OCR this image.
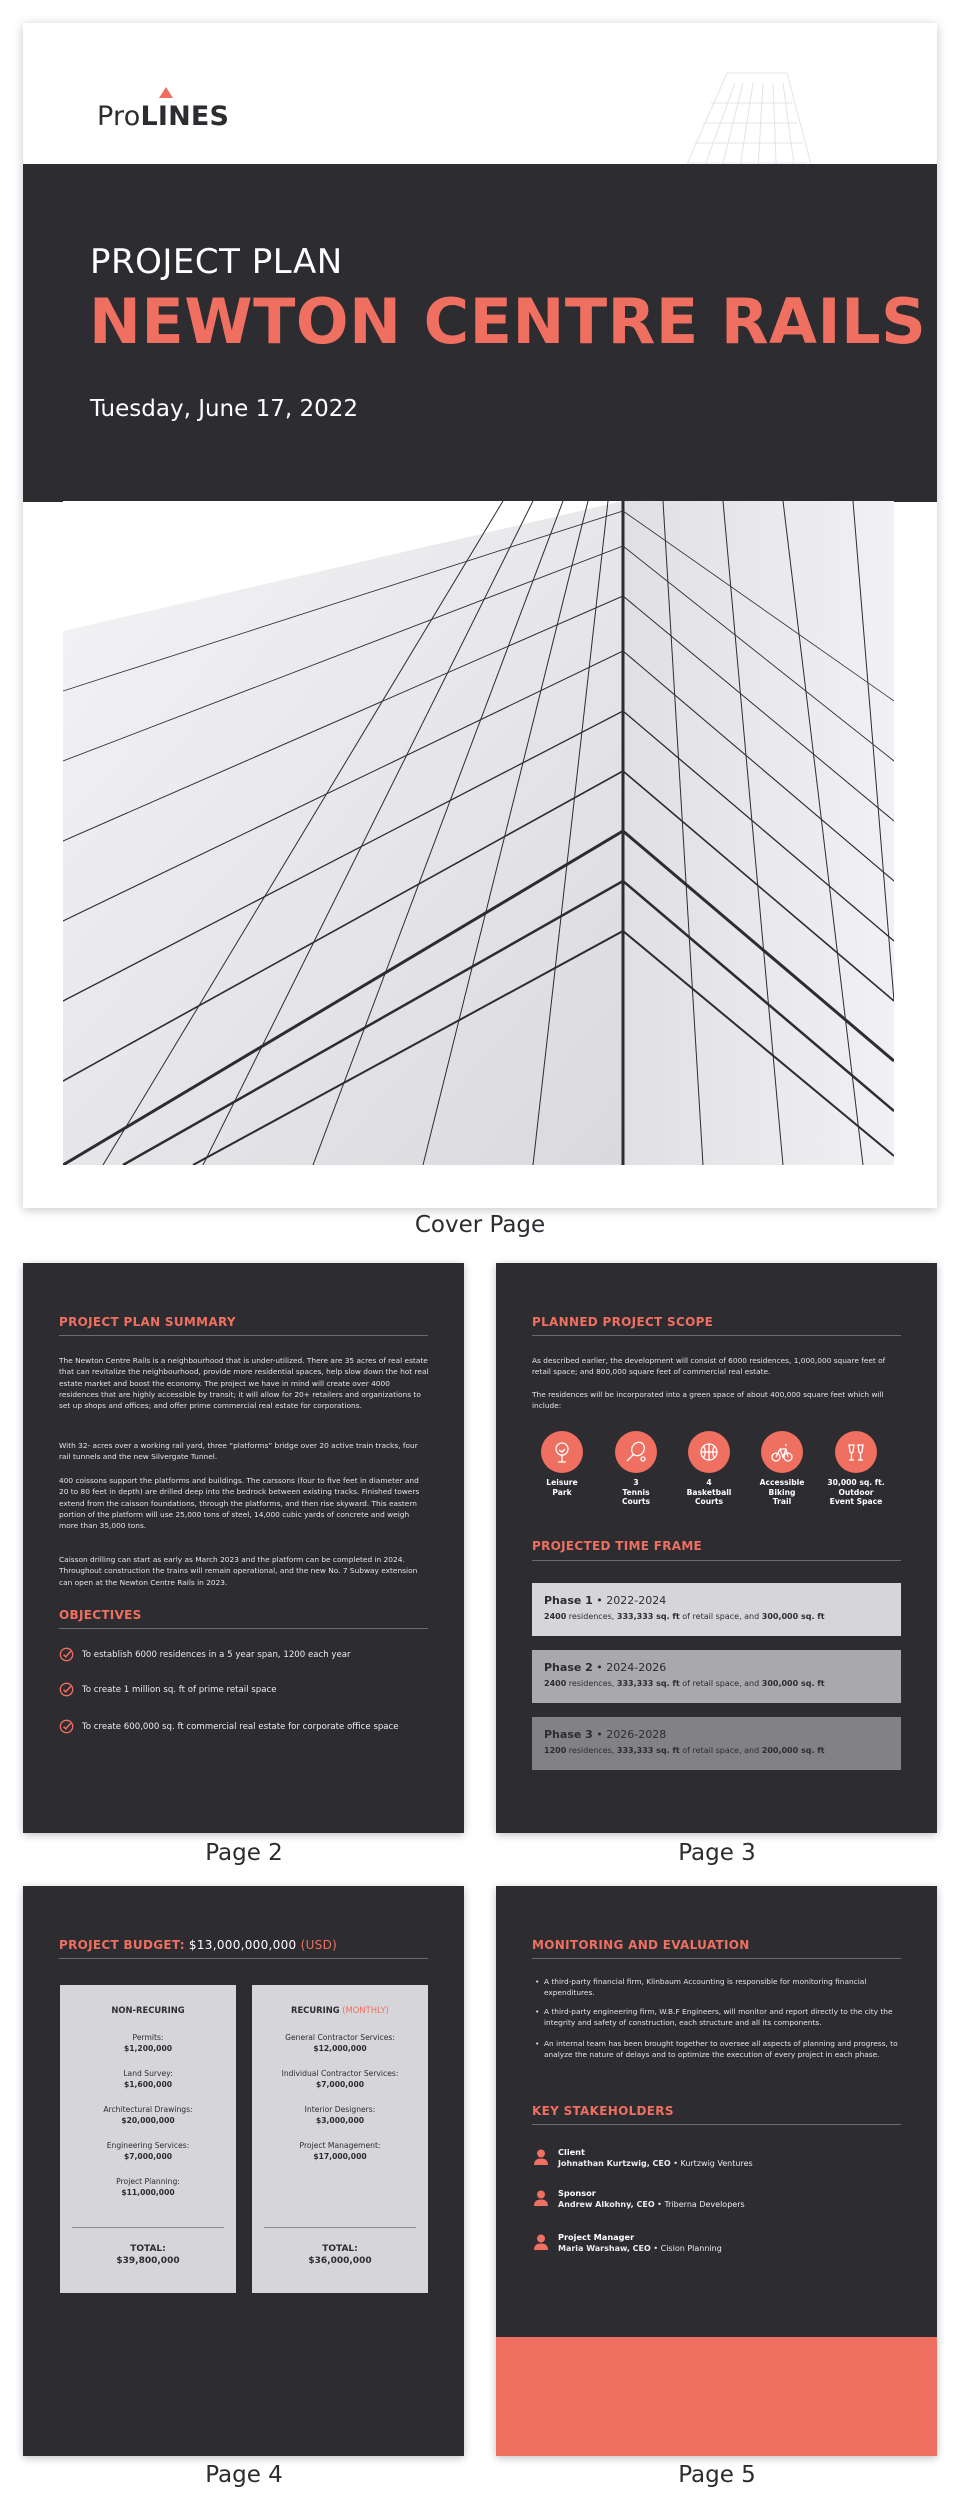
ProLINES
PROJECT PLAN
NEWTON CENTRE RAILS
Tuesday, June 17, 2022
Cover Page
PROJECT PLAN SUMMARY
The Newton Centre Rails is a neighbourhood that is under-utilized. There are 35 acres of real estate that can revitalize the neighbourhood, provide more residential spaces, help slow down the hot real estate market and boost the economy. The project we have in mind will create over 4000 residences that are highly accessible by transit; it will allow for 20+ retailers and organizations to set up shops and offices; and offer prime commercial real estate for corporations.
With 32- acres over a working rail yard, three “platforms” bridge over 20 active train tracks, four rail tunnels and the new Silvergate Tunnel.
400 coissons support the platforms and buildings. The carssons (four to five feet in diameter and 20 to 80 feet in depth) are drilled deep into the bedrock between existing tracks. Finished towers extend from the caisson foundations, through the platforms, and then rise skyward. This eastern portion of the platform will use 25,000 tons of steel, 14,000 cubic yards of concrete and weigh more than 35,000 tons.
Caisson drilling can start as early as March 2023 and the platform can be completed in 2024. Throughout construction the trains will remain operational, and the new No. 7 Subway extension can open at the Newton Centre Rails in 2023.
OBJECTIVES
To establish 6000 residences in a 5 year span, 1200 each year
To create 1 million sq. ft of prime retail space
To create 600,000 sq. ft commercial real estate for corporate office space
Page 2
PLANNED PROJECT SCOPE
As described earlier, the development will consist of 6000 residences, 1,000,000 square feet of retail space; and 800,000 square feet of commercial real estate.
The residences will be incorporated into a green space of about 400,000 square feet which will include:
Leisure
Park
3
Tennis
Courts
4
Basketball
Courts
Accessible
Biking
Trail
30,000 sq. ft.
Outdoor
Event Space
PROJECTED TIME FRAME
Phase 1 • 2022-2024
2400 residences, 333,333 sq. ft of retail space, and 300,000 sq. ft
Phase 2 • 2024-2026
2400 residences, 333,333 sq. ft of retail space, and 300,000 sq. ft
Phase 3 • 2026-2028
1200 residences, 333,333 sq. ft of retail space, and 200,000 sq. ft
Page 3
PROJECT BUDGET: $13,000,000,000 (USD)
NON-RECURING
Permits:
$1,200,000
Land Survey:
$1,600,000
Architectural Drawings:
$20,000,000
Engineering Services:
$7,000,000
Project Planning:
$11,000,000
TOTAL:
$39,800,000
RECURING (MONTHLY)
General Contractor Services:
$12,000,000
Individual Contractor Services:
$7,000,000
Interior Designers:
$3,000,000
Project Management:
$17,000,000
TOTAL:
$36,000,000
Page 4
MONITORING AND EVALUATION
• A third-party financial firm, Klinbaum Accounting is responsible for monitoring financial expenditures.
• A third-party engineering firm, W.B.F Engineers, will monitor and report directly to the city the integrity and safety of construction, each structure and all its components.
• An internal team has been brought together to oversee all aspects of planning and progress, to analyze the nature of delays and to optimize the execution of every project in each phase.
KEY STAKEHOLDERS
Client
Johnathan Kurtzwig, CEO • Kurtzwig Ventures
Sponsor
Andrew Alkohny, CEO • Triberna Developers
Project Manager
Maria Warshaw, CEO • Cision Planning
Page 5
